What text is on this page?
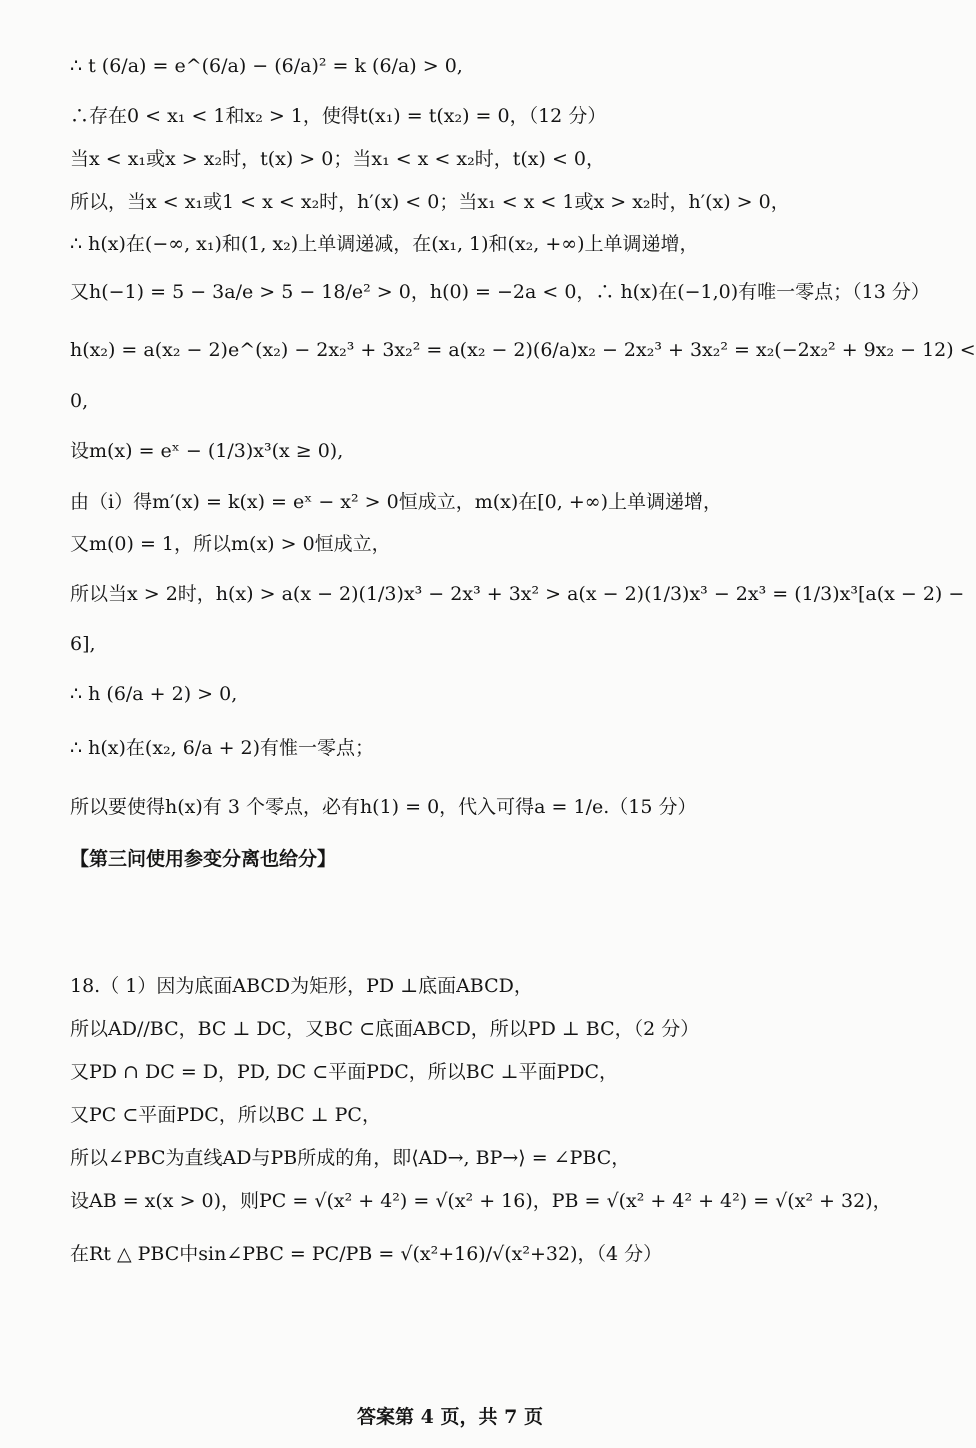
∴ t (6/a) = e^(6/a) − (6/a)² = k (6/a) > 0,
∴存在0 < x₁ < 1和x₂ > 1，使得t(x₁) = t(x₂) = 0，（12 分）
当x < x₁或x > x₂时，t(x) > 0；当x₁ < x < x₂时，t(x) < 0，
所以，当x < x₁或1 < x < x₂时，h′(x) < 0；当x₁ < x < 1或x > x₂时，h′(x) > 0，
∴ h(x)在(−∞, x₁)和(1, x₂)上单调递减，在(x₁, 1)和(x₂, +∞)上单调递增，
又h(−1) = 5 − 3a/e > 5 − 18/e² > 0，h(0) = −2a < 0，∴ h(x)在(−1,0)有唯一零点；（13 分）
h(x₂) = a(x₂ − 2)e^(x₂) − 2x₂³ + 3x₂² = a(x₂ − 2)(6/a)x₂ − 2x₂³ + 3x₂² = x₂(−2x₂² + 9x₂ − 12) <
0,
设m(x) = eˣ − (1/3)x³(x ≥ 0),
由（i）得m′(x) = k(x) = eˣ − x² > 0恒成立，m(x)在[0, +∞)上单调递增，
又m(0) = 1，所以m(x) > 0恒成立，
所以当x > 2时，h(x) > a(x − 2)(1/3)x³ − 2x³ + 3x² > a(x − 2)(1/3)x³ − 2x³ = (1/3)x³[a(x − 2) −
6],
∴ h (6/a + 2) > 0,
∴ h(x)在(x₂, 6/a + 2)有惟一零点；
所以要使得h(x)有 3 个零点，必有h(1) = 0，代入可得a = 1/e.（15 分）
【第三问使用参变分离也给分】
18.（ 1）因为底面ABCD为矩形，PD ⊥底面ABCD，
所以AD//BC，BC ⊥ DC，又BC ⊂底面ABCD，所以PD ⊥ BC，（2 分）
又PD ∩ DC = D，PD, DC ⊂平面PDC，所以BC ⊥平面PDC，
又PC ⊂平面PDC，所以BC ⊥ PC，
所以∠PBC为直线AD与PB所成的角，即⟨AD→, BP→⟩ = ∠PBC，
设AB = x(x > 0)，则PC = √(x² + 4²) = √(x² + 16)，PB = √(x² + 4² + 4²) = √(x² + 32)，
在Rt △ PBC中sin∠PBC = PC/PB = √(x²+16)/√(x²+32)，（4 分）
答案第 4 页，共 7 页
